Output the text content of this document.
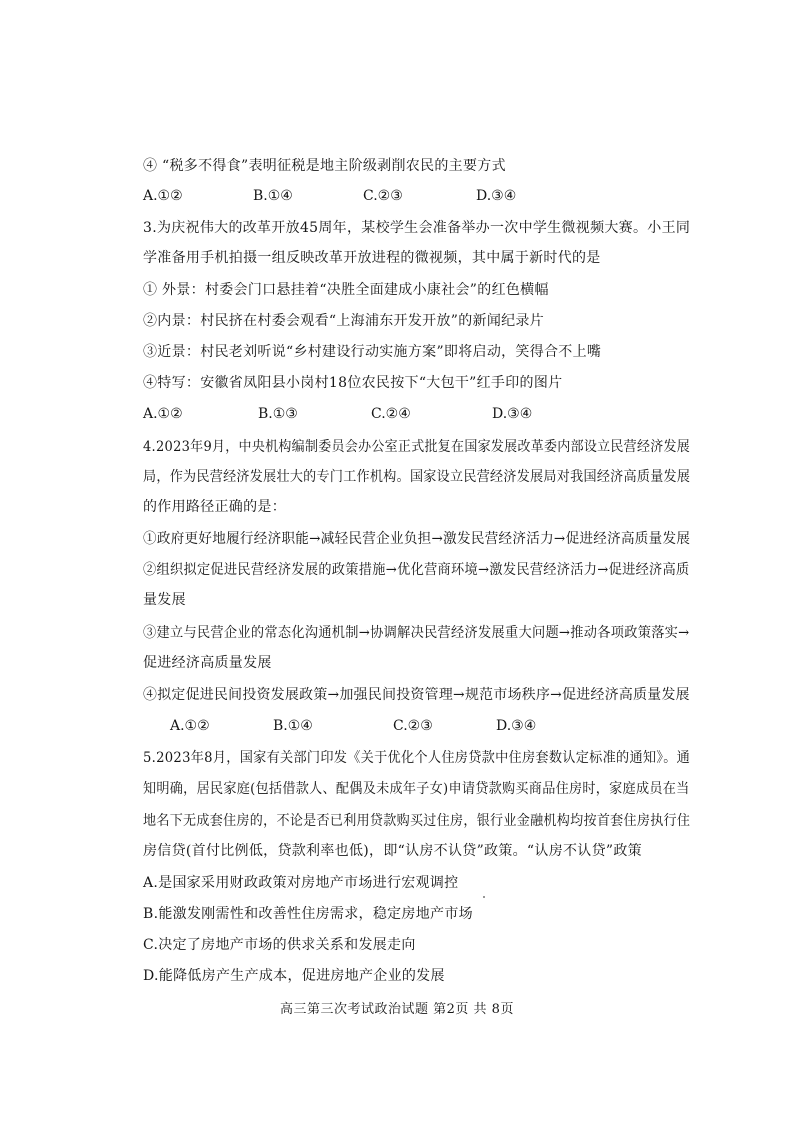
④ “税多不得食”表明征税是地主阶级剥削农民的主要方式
A.①②	B.①④	C.②③	D.③④
3.为庆祝伟大的改革开放45周年，某校学生会准备举办一次中学生微视频大赛。小王同
学准备用手机拍摄一组反映改革开放进程的微视频，其中属于新时代的是
① 外景：村委会门口悬挂着“决胜全面建成小康社会”的红色横幅
②内景：村民挤在村委会观看“上海浦东开发开放”的新闻纪录片
③近景：村民老刘听说“乡村建设行动实施方案”即将启动，笑得合不上嘴
④特写：安徽省凤阳县小岗村18位农民按下“大包干”红手印的图片
A.①②	B.①③	C.②④	D.③④
4.2023年9月，中央机构编制委员会办公室正式批复在国家发展改革委内部设立民营经济发展
局，作为民营经济发展壮大的专门工作机构。国家设立民营经济发展局对我国经济高质量发展
的作用路径正确的是：
①政府更好地履行经济职能→减轻民营企业负担→激发民营经济活力→促进经济高质量发展
②组织拟定促进民营经济发展的政策措施→优化营商环境→激发民营经济活力→促进经济高质
量发展
③建立与民营企业的常态化沟通机制→协调解决民营经济发展重大问题→推动各项政策落实→
促进经济高质量发展
④拟定促进民间投资发展政策→加强民间投资管理→规范市场秩序→促进经济高质量发展
A.①②	B.①④	C.②③	D.③④
5.2023年8月，国家有关部门印发《关于优化个人住房贷款中住房套数认定标准的通知》。通
知明确，居民家庭(包括借款人、配偶及未成年子女)申请贷款购买商品住房时，家庭成员在当
地名下无成套住房的，不论是否已利用贷款购买过住房，银行业金融机构均按首套住房执行住
房信贷(首付比例低，贷款利率也低)，即“认房不认贷”政策。“认房不认贷”政策
A.是国家采用财政政策对房地产市场进行宏观调控
B.能激发刚需性和改善性住房需求，稳定房地产市场
C.决定了房地产市场的供求关系和发展走向
D.能降低房产生产成本，促进房地产企业的发展
高三第三次考试政治试题 第2页 共 8页
